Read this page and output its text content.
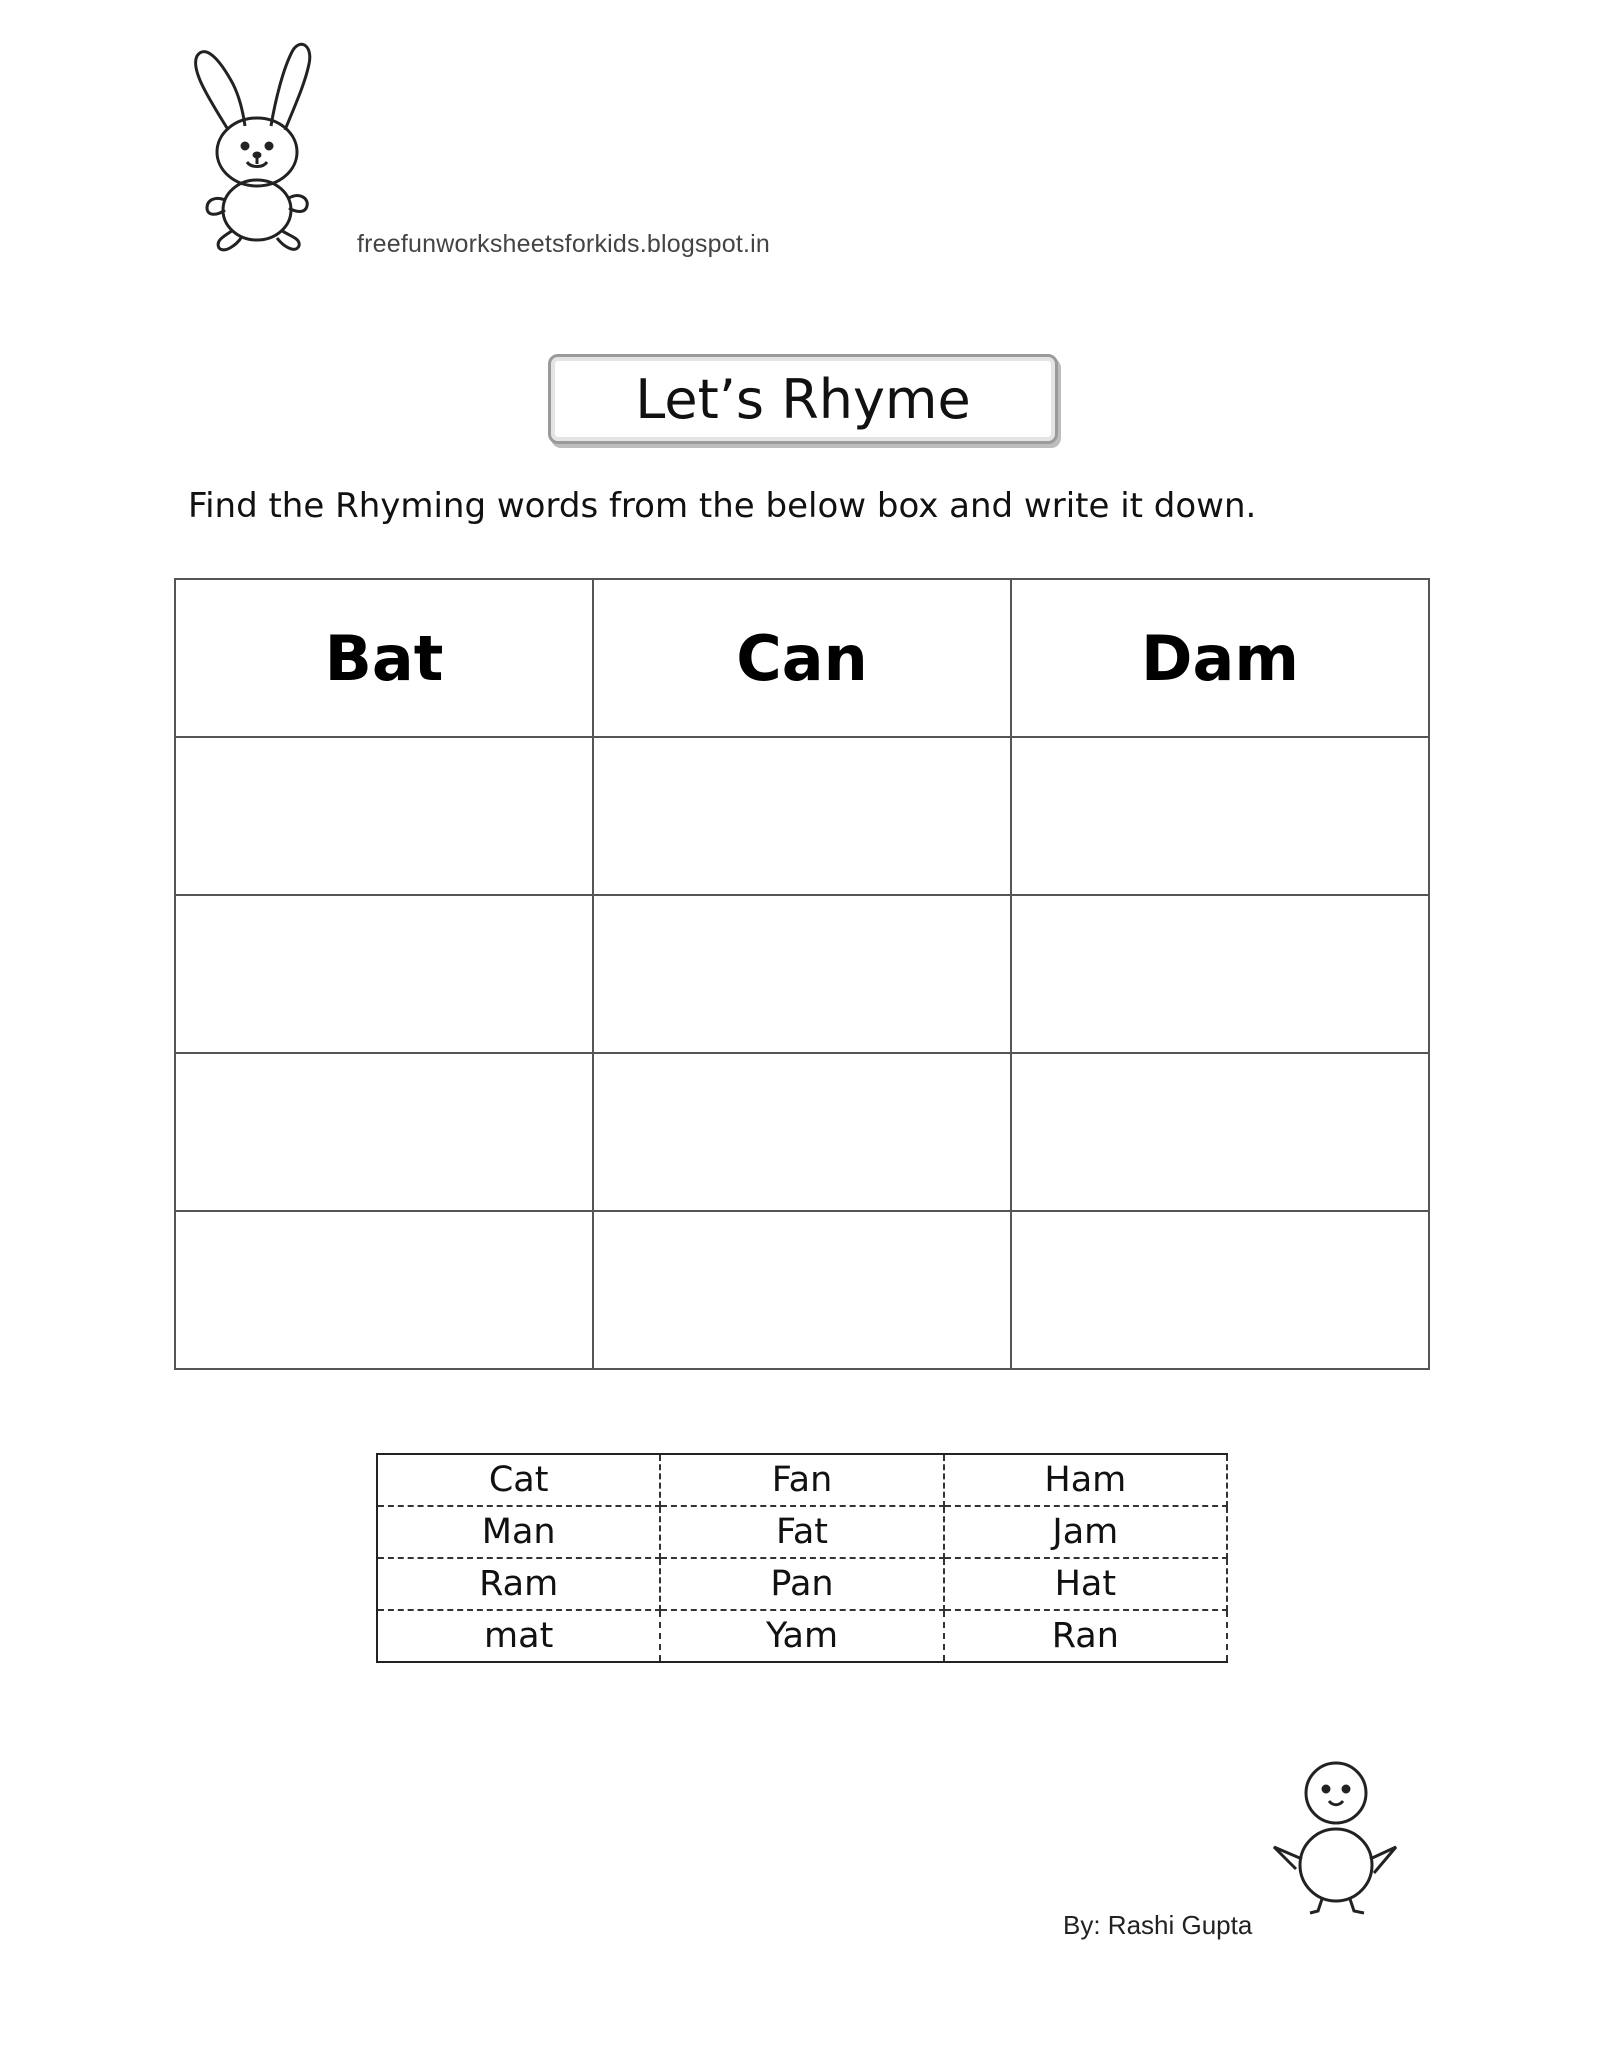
freefunworksheetsforkids.blogspot.in
Let’s Rhyme
Find the Rhyming words from the below box and write it down.
Bat	Can	Dam

Cat	Fan	Ham
Man	Fat	Jam
Ram	Pan	Hat
mat	Yam	Ran
By: Rashi Gupta
